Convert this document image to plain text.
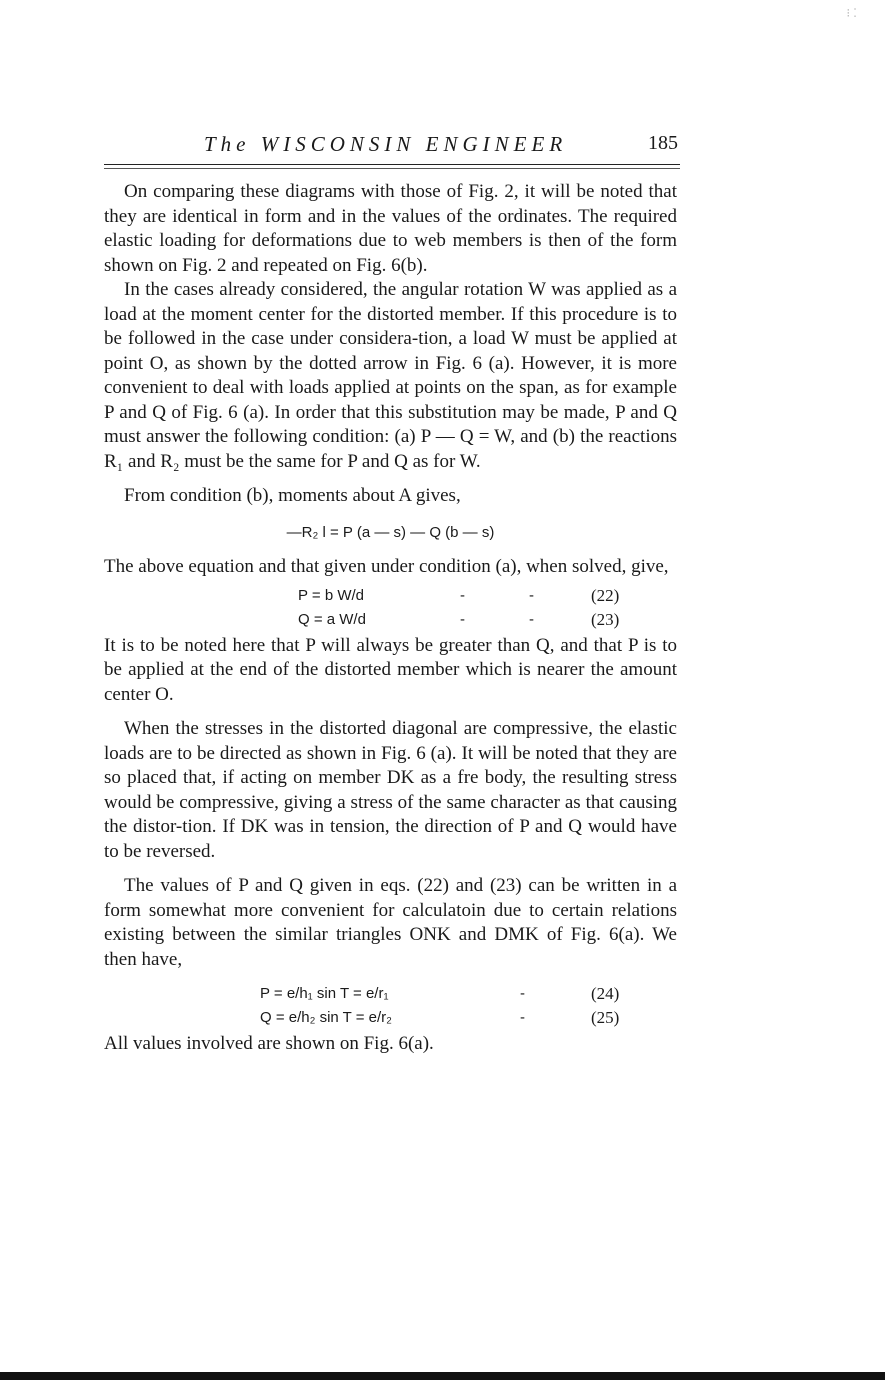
⁝ ⁚
The WISCONSIN ENGINEER	185

On comparing these diagrams with those of Fig. 2, it will be noted that they are identical in form and in the values of the ordinates. The required elastic loading for deformations due to web members is then of the form shown on Fig. 2 and repeated on Fig. 6(b).

In the cases already considered, the angular rotation W was applied as a load at the moment center for the distorted member. If this procedure is to be followed in the case under considera-tion, a load W must be applied at point O, as shown by the dotted arrow in Fig. 6 (a). However, it is more convenient to deal with loads applied at points on the span, as for example P and Q of Fig. 6 (a). In order that this substitution may be made, P and Q must answer the following condition: (a) P — Q = W, and (b) the reactions R₁ and R₂ must be the same for P and Q as for W.

From condition (b), moments about A gives,

—R₂ l = P (a — s) — Q (b — s)

The above equation and that given under condition (a), when solved, give,

P = b W/d	-	-	(22)
Q = a W/d	-	-	(23)

It is to be noted here that P will always be greater than Q, and that P is to be applied at the end of the distorted member which is nearer the amount center O.

When the stresses in the distorted diagonal are compressive, the elastic loads are to be directed as shown in Fig. 6 (a). It will be noted that they are so placed that, if acting on member DK as a fre body, the resulting stress would be compressive, giving a stress of the same character as that causing the distor-tion. If DK was in tension, the direction of P and Q would have to be reversed.

The values of P and Q given in eqs. (22) and (23) can be written in a form somewhat more convenient for calculatoin due to certain relations existing between the similar triangles ONK and DMK of Fig. 6(a). We then have,

P = e/h₁ sin T = e/r₁	-	(24)
Q = e/h₂ sin T = e/r₂	-	(25)

All values involved are shown on Fig. 6(a).
